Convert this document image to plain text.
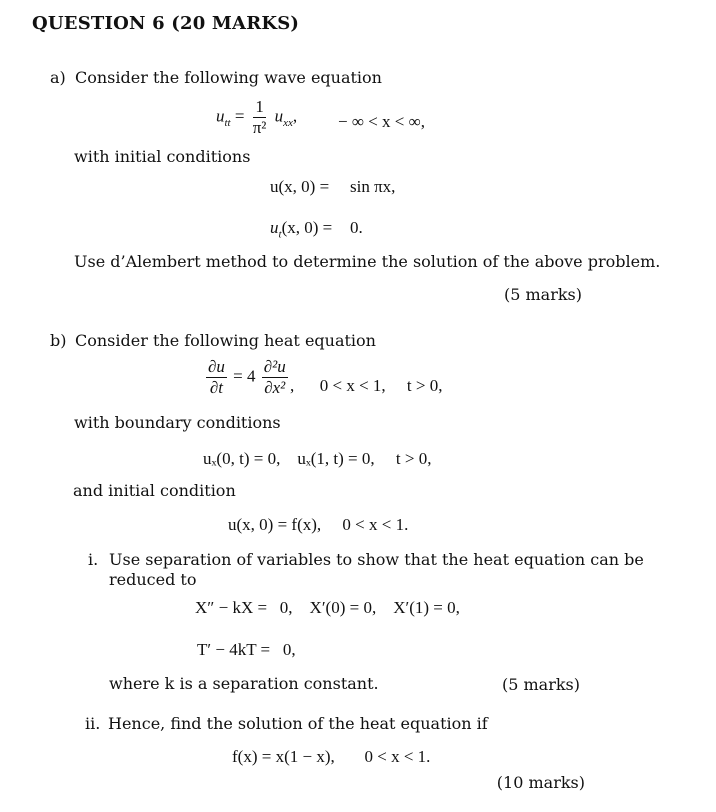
QUESTION 6 (20 MARKS)
a) Consider the following wave equation
$u_{tt} = \frac{1}{\text{π²}} u_{xx}$, − ∞ < x < ∞,
with initial conditions
u(x, 0) = sin πx,
$u_t(x$, 0) = 0.
Use d’Alembert method to determine the solution of the above problem.
(5 marks)
b) Consider the following heat equation
$\frac{\partial u}{\partial t} = 4 \frac{\text{∂²u}}{\text{∂x²}}$ ,      0 < x < 1,     t > 0,
with boundary conditions
uₓ(0, t) = 0,    uₓ(1, t) = 0,     t > 0,
and initial condition
u(x, 0) = f(x),     0 < x < 1.
i. Use separation of variables to show that the heat equation can be
reduced to
X″ − kX =   0,    X′(0) = 0,    X′(1) = 0,
T′ − 4kT =   0,
where k is a separation constant.	(5 marks)
ii. Hence, find the solution of the heat equation if
f(x) = x(1 − x),       0 < x < 1.
(10 marks)
